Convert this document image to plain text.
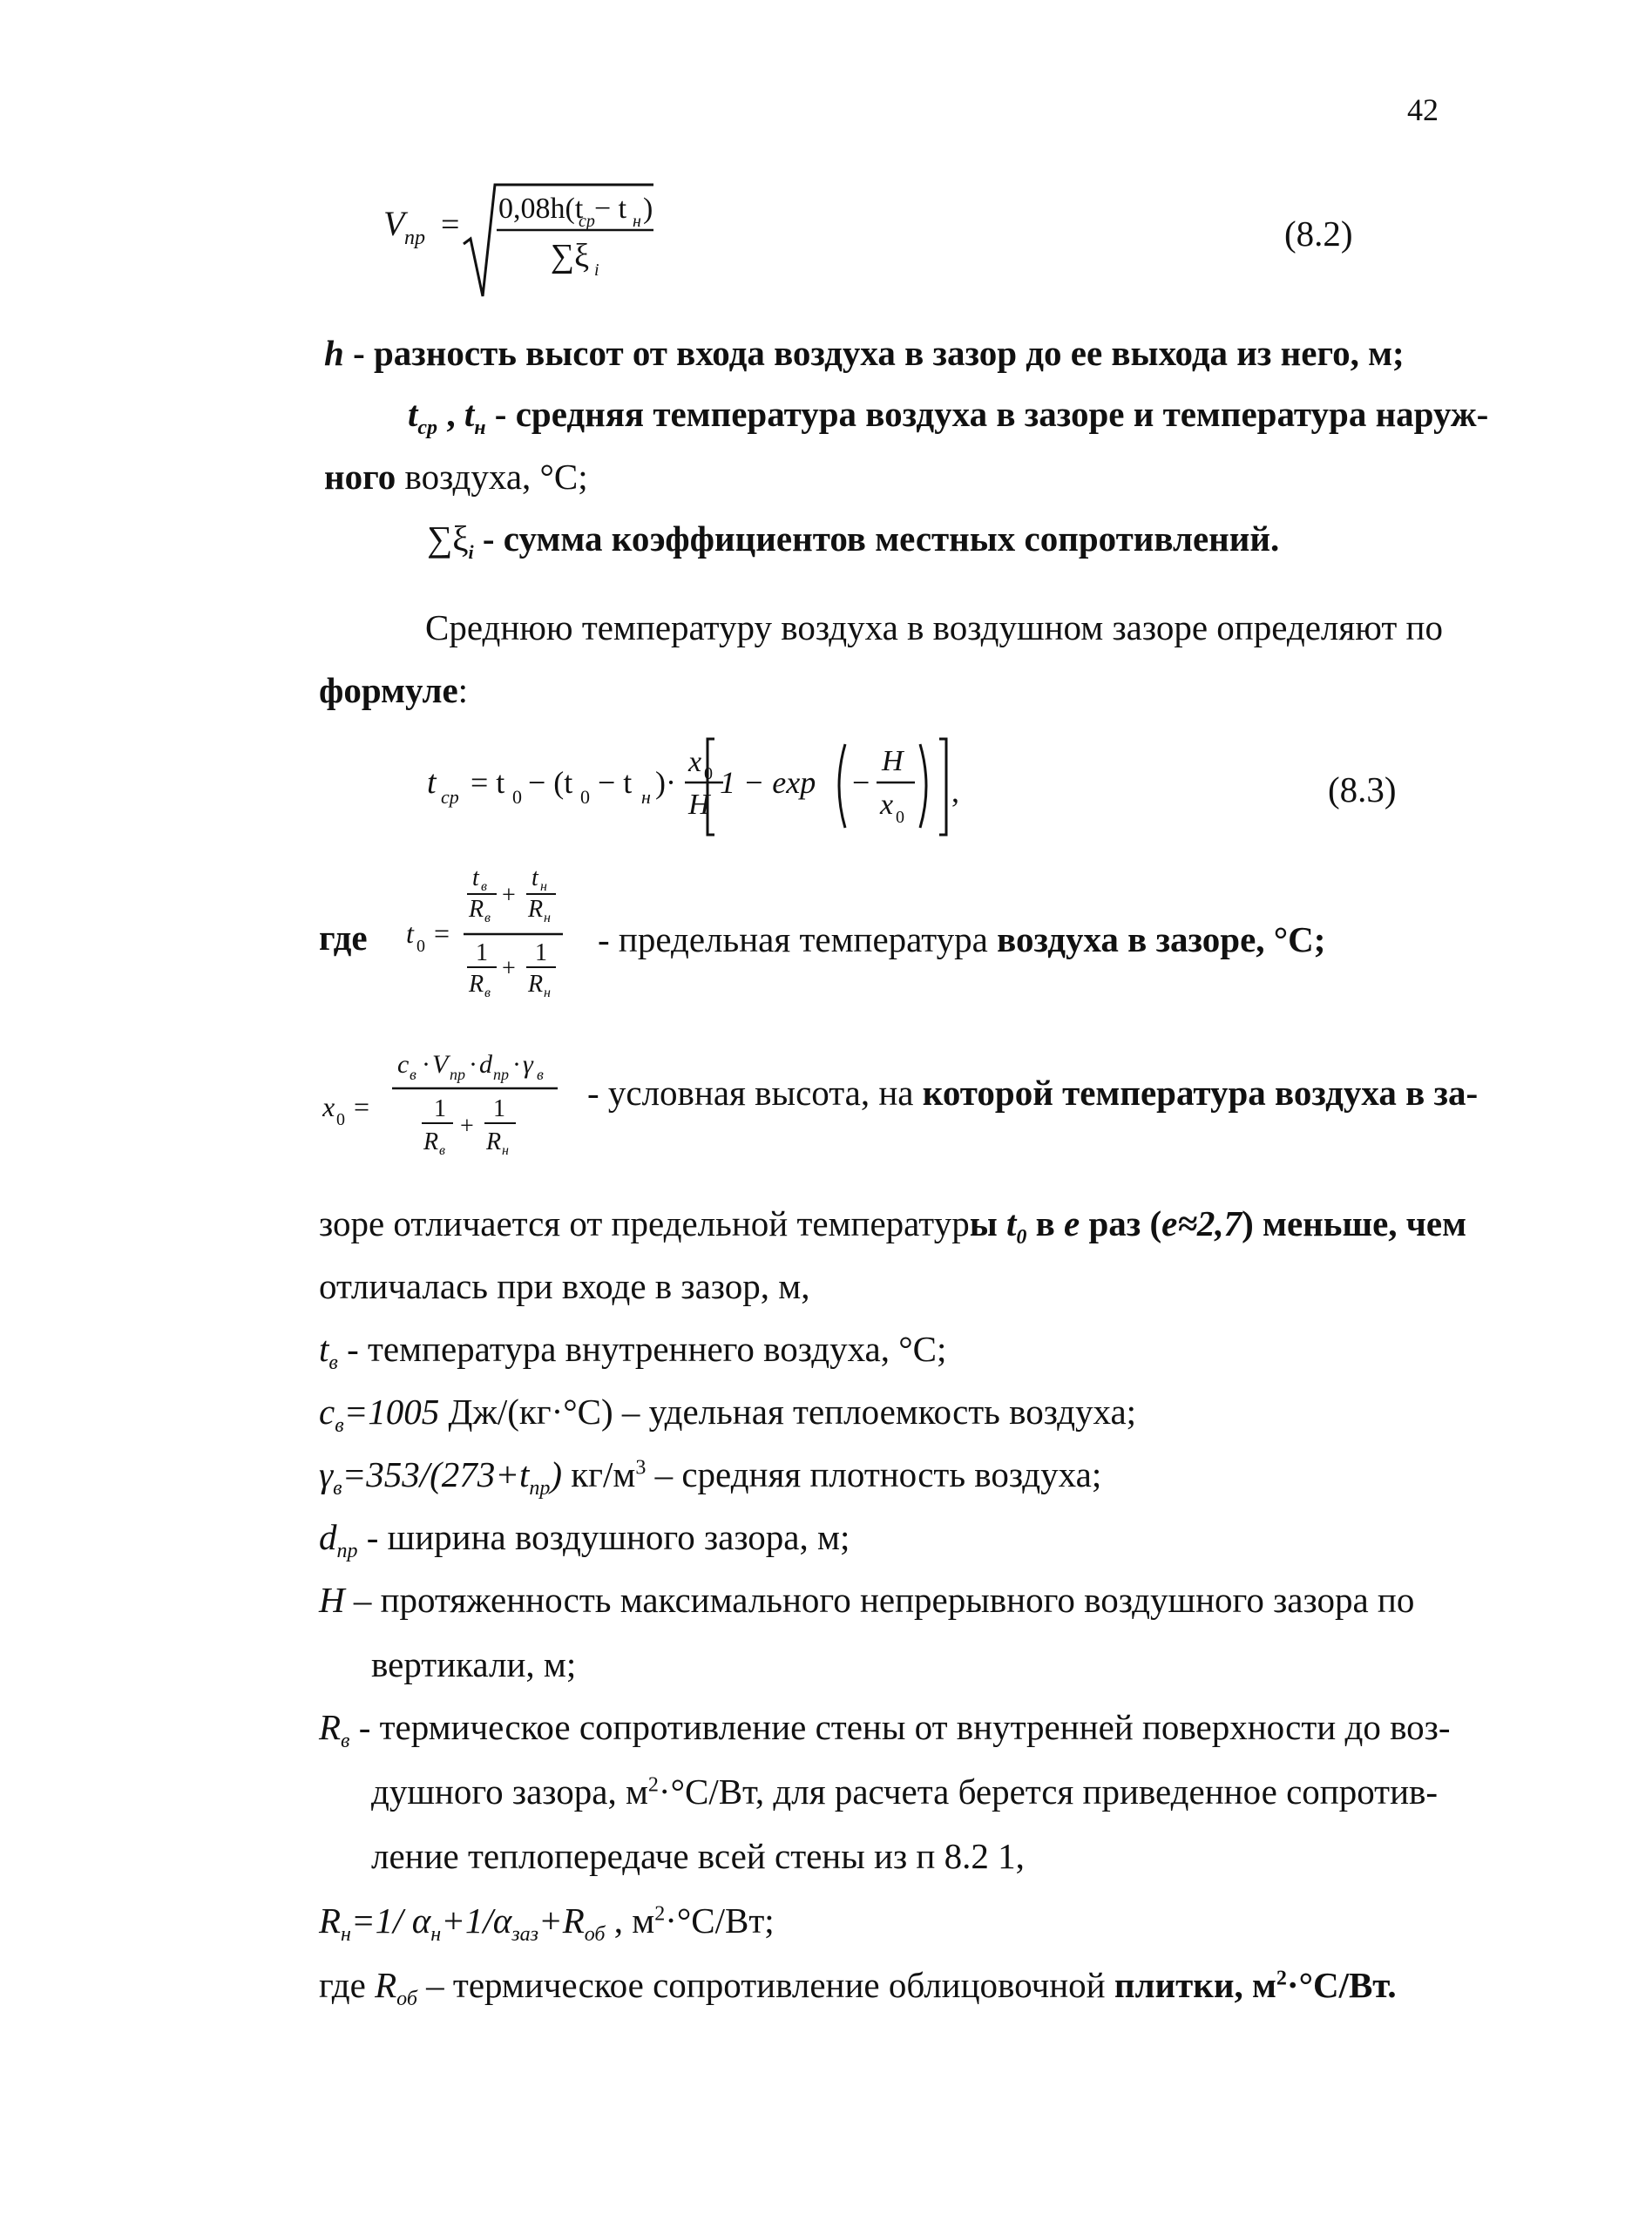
42
V пр = 0,08h(t
ср − t н )
∑ξ i
(8.2)
h - разность высот от входа воздуха в зазор до ее выхода из него, м;
$t_{ср}$ , $t_н$ - средняя температура воздуха в зазоре и температура наруж-
ного воздуха, °С;
$\sum\xi_i$ - сумма коэффициентов местных сопротивлений.
Среднюю температуру воздуха в воздушном зазоре определяют по
формуле:
t ср = t 0 − (t 0 − t н )·
x 0
H
1 − exp −
H
x 0
,	(8.3)
где t 0 =
t в
R в
+
t н
R н
1
R в
+
1
R н
- предельная температура воздуха в зазоре, °С;
x 0 =
c в · V пр · d пр · γ в
1
R в
+
1
R н
- условная высота, на которой температура воздуха в за-
зоре отличается от предельной температуры $t_0$ в e раз (e≈2,7) меньше, чем
отличалась при входе в зазор, м,
$t_в$ - температура внутреннего воздуха, °С;
$c_в=1005$ Дж/(кг·°С) – удельная теплоемкость воздуха;
$\gamma_в=353/(273+t_{пр})$ $кг/м^3$ – средняя плотность воздуха;
$d_{пр}$ - ширина воздушного зазора, м;
H – протяженность максимального непрерывного воздушного зазора по
вертикали, м;
$R_в$ - термическое сопротивление стены от внутренней поверхности до воз-
душного зазора, $м^2\cdot^\circ С/Вт$, для расчета берется приведенное сопротив-
ление теплопередаче всей стены из п 8.2 1,
$R_н=1/$ $\alpha_н+1/\alpha_{заз}+R_{об}$ , $м^2\cdot^\circ С/Вт$;
где $R_{об}$ – термическое сопротивление облицовочной плитки, $м^2\cdot^\circ С/Вт$.
